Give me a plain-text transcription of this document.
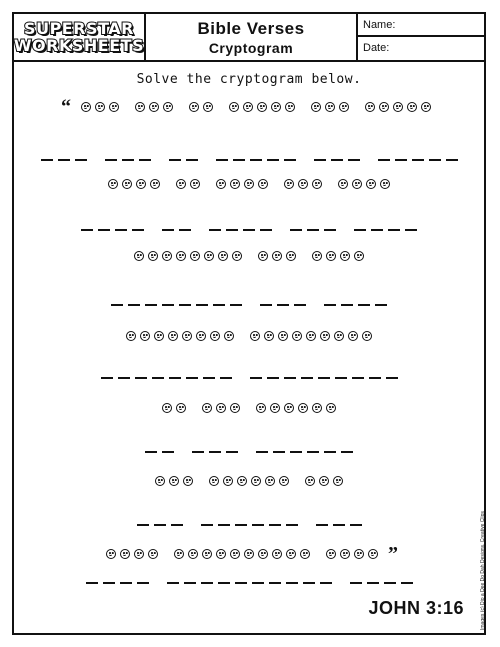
SUPERSTAR
WORKSHEETS
Bible Verses
Cryptogram
Name:
Date:
Solve the cryptogram below.
“
”
JOHN 3:16	Images (c) Dip a Dee Do Dah Designs, Creative Clips
